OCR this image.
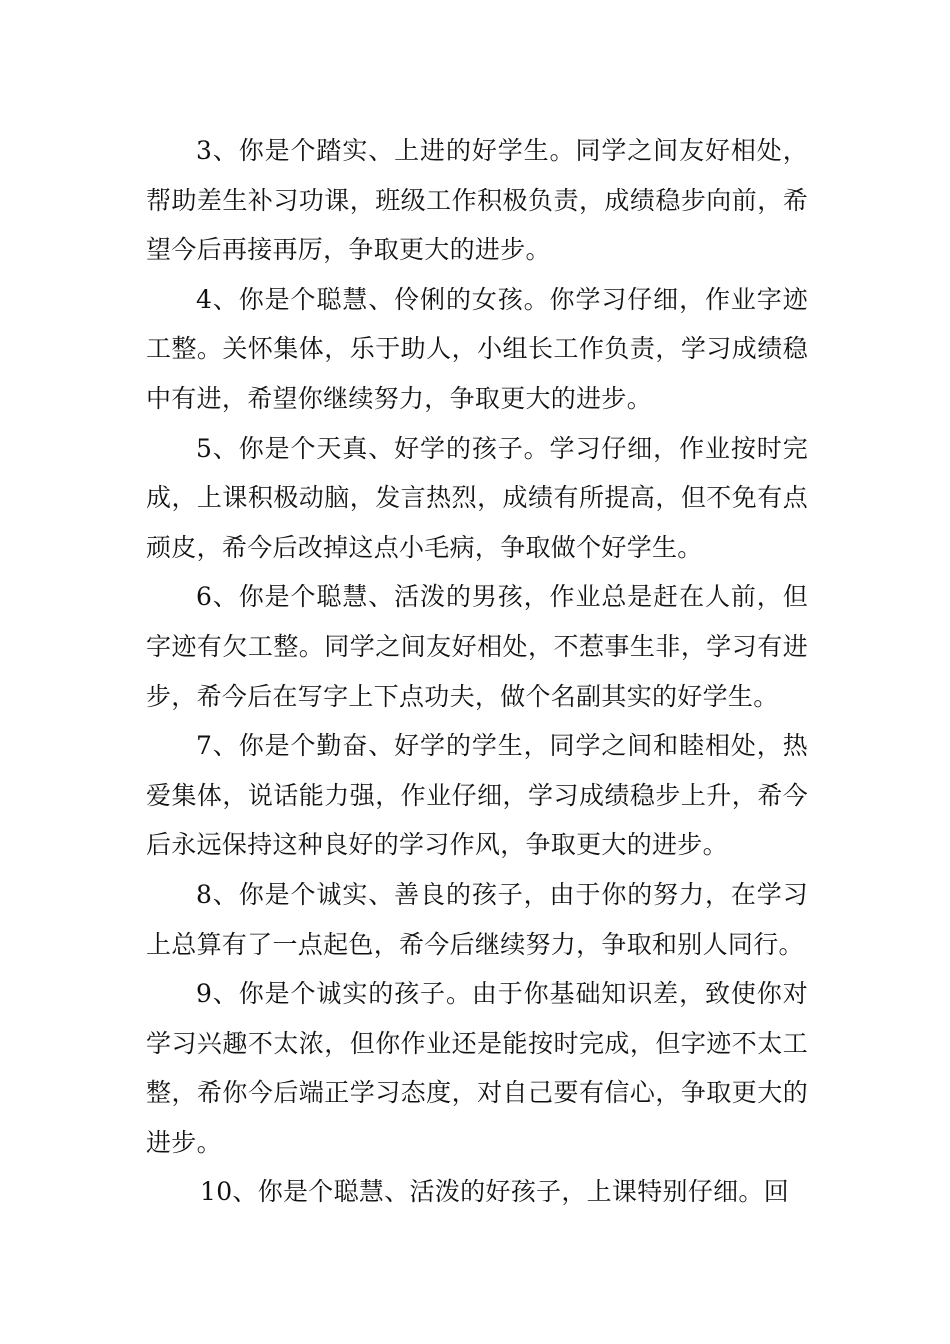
3、你是个踏实、上进的好学生。同学之间友好相处，帮助差生补习功课，班级工作积极负责，成绩稳步向前，希望今后再接再厉，争取更大的进步。

4、你是个聪慧、伶俐的女孩。你学习仔细，作业字迹工整。关怀集体，乐于助人，小组长工作负责，学习成绩稳中有进，希望你继续努力，争取更大的进步。

5、你是个天真、好学的孩子。学习仔细，作业按时完成，上课积极动脑，发言热烈，成绩有所提高，但不免有点顽皮，希今后改掉这点小毛病，争取做个好学生。

6、你是个聪慧、活泼的男孩，作业总是赶在人前，但字迹有欠工整。同学之间友好相处，不惹事生非，学习有进步，希今后在写字上下点功夫，做个名副其实的好学生。

7、你是个勤奋、好学的学生，同学之间和睦相处，热爱集体，说话能力强，作业仔细，学习成绩稳步上升，希今后永远保持这种良好的学习作风，争取更大的进步。

8、你是个诚实、善良的孩子，由于你的努力，在学习上总算有了一点起色，希今后继续努力，争取和别人同行。

9、你是个诚实的孩子。由于你基础知识差，致使你对学习兴趣不太浓，但你作业还是能按时完成，但字迹不太工整，希你今后端正学习态度，对自己要有信心，争取更大的进步。

10、你是个聪慧、活泼的好孩子，上课特别仔细。回
